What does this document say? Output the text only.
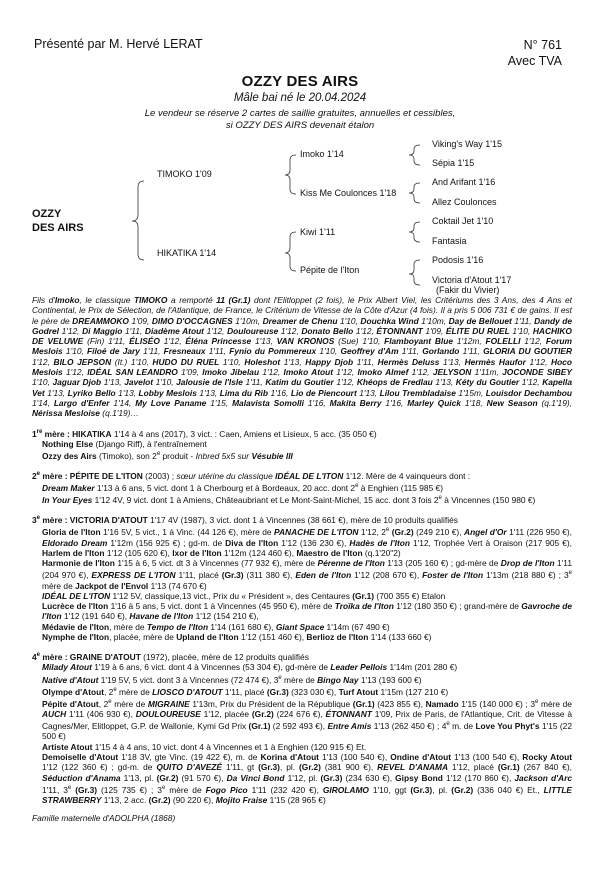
Présenté par M. Hervé LERAT	N° 761
Avec TVA
OZZY DES AIRS
Mâle bai né le 20.04.2024
Le vendeur se réserve 2 cartes de saillie gratuites, annuelles et cessibles,
si OZZY DES AIRS devenait étalon
OZZY
DES AIRS
TIMOKO 1'09
HIKATIKA 1'14
Imoko 1'14
Kiss Me Coulonces 1'18
Kiwi 1'11
Pépite de l'Iton
Viking's Way 1'15
Sépia 1'15
And Arifant 1'16
Allez Coulonces
Coktail Jet 1'10
Fantasia
Podosis 1'16
Victoria d'Atout 1'17
(Fakir du Vivier)

Fils d'Imoko, le classique TIMOKO a remporté 11 (Gr.1) dont l'Elitloppet (2 fois), le Prix Albert Viel, les Critériums des 3 Ans, des 4 Ans et Continental, le Prix de Sélection, de l'Atlantique, de France, le Critérium de Vitesse de la Côte d'Azur (4 fois). Il a pris 5 006 731 € de gains. Il est le père de DREAMMOKO 1'09, DIMO D'OCCAGNES 1'10m, Dreamer de Chenu 1'10, Douchka Wind 1'10m, Day de Bellouet 1'11, Dandy de Godrel 1'12, Di Maggio 1'11, Diadème Atout 1'12, Douloureuse 1'12, Donato Bello 1'12, ÉTONNANT 1'09, ÉLITE DU RUEL 1'10, HACHIKO DE VELUWE (Fin) 1'11, ÉLISÉO 1'12, Éléna Princesse 1'13, VAN KRONOS (Sue) 1'10, Flamboyant Blue 1'12m, FOLELLI 1'12, Forum Meslois 1'10, Filoé de Jary 1'11, Fresneaux 1'11, Fynio du Pommereux 1'10, Geoffrey d'Am 1'11, Gorlando 1'11, GLORIA DU GOUTIER 1'12, BILO JEPSON (It.) 1'10, HUDO DU RUEL 1'10, Holeshot 1'13, Happy Djob 1'11, Hermès Deluss 1'13, Hermès Haufor 1'12, Hoco Meslois 1'12, IDÉAL SAN LEANDRO 1'09, Imoko Jibelau 1'12, Imoko Atout 1'12, Imoko Almef 1'12, JELYSON 1'11m, JOCONDE SIBEY 1'10, Jaguar Djob 1'13, Javelot 1'10, Jalousie de l'Isle 1'11, Katim du Goutier 1'12, Khéops de Fredlau 1'13, Kéty du Goutier 1'12, Kapella Vet 1'13, Lyriko Bello 1'13, Lobby Meslois 1'13, Lima du Rib 1'16, Lio de Piencourt 1'13, Lilou Trembladaise 1'15m, Louisdor Dechambou 1'14, Largo d'Enfer 1'14, My Love Paname 1'15, Malavista Somolli 1'16, Makita Berry 1'16, Marley Quick 1'18, New Season (q.1'19), Nérissa Mesloise (q.1'19)…

1re mère : HIKATIKA 1'14 à 4 ans (2017), 3 vict. : Caen, Amiens et Lisieux, 5 acc. (35 050 €)
Nothing Else (Django Riff), à l'entraînement
Ozzy des Airs (Timoko), son 2e produit - Inbred 5x5 sur Vésubie III
2e mère : PÉPITE DE L'ITON (2003) ; sœur utérine du classique IDÉAL DE L'ITON 1'12. Mère de 4 vainqueurs dont :
Dream Maker 1'13 à 6 ans, 5 vict. dont 1 à Cherbourg et à Bordeaux, 20 acc. dont 2e à Enghien (115 985 €)
In Your Eyes 1'12 4V, 9 vict. dont 1 à Amiens, Châteaubriant et Le Mont-Saint-Michel, 15 acc. dont 3 fois 2e à Vincennes (150 980 €)
3e mère : VICTORIA D'ATOUT 1'17 4V (1987), 3 vict. dont 1 à Vincennes (38 661 €), mère de 10 produits qualifiés
Gloria de l'Iton 1'16 5V, 5 vict., 1 à Vinc. (44 126 €), mère de PANACHE DE L'ITON 1'12, 2e (Gr.2) (249 210 €), Angel d'Or 1'11 (226 950 €), Eldorado Dream 1'12m (156 925 €) ; gd-m. de Diva de l'Iton 1'12 (136 230 €), Hadès de l'Iton 1'12, Trophée Vert à Oraison (217 905 €), Harlem de l'Iton 1'12 (105 620 €), Ixor de l'Iton 1'12m (124 460 €), Maestro de l'Iton (q.1'20"2)
Harmonie de l'Iton 1'15 à 6, 5 vict. dt 3 à Vincennes (77 932 €), mère de Pérenne de l'Iton 1'13 (205 160 €) ; gd-mère de Drop de l'Iton 1'11 (204 970 €), EXPRESS DE L'ITON 1'11, placé (Gr.3) (311 380 €), Eden de l'Iton 1'12 (208 670 €), Foster de l'Iton 1'13m (218 880 €) ; 3e mère de Jackpot de l'Envol 1'13 (74 670 €)
IDÉAL DE L'ITON 1'12 5V, classique,13 vict., Prix du « Président », des Centaures (Gr.1) (700 355 €) Etalon
Lucrèce de l'Iton 1'16 à 5 ans, 5 vict. dont 1 à Vincennes (45 950 €), mère de Troïka de l'Iton 1'12 (180 350 €) ; grand-mère de Gavroche de l'Iton 1'12 (191 640 €), Havane de l'Iton 1'12 (154 210 €),
Médavie de l'Iton, mère de Tempo de l'Iton 1'14 (161 680 €), Giant Space 1'14m (67 490 €)
Nymphe de l'Iton, placée, mère de Upland de l'Iton 1'12 (151 460 €), Berlioz de l'Iton 1'14 (133 660 €)
4e mère : GRAINE D'ATOUT (1972), placée, mère de 12 produits qualifiés
Milady Atout 1'19 à 6 ans, 6 vict. dont 4 à Vincennes (53 304 €), gd-mère de Leader Pellois 1'14m (201 280 €)
Native d'Atout 1'19 5V, 5 vict. dont 3 à Vincennes (72 474 €), 3e mère de Bingo Nay 1'13 (193 600 €)
Olympe d'Atout, 2e mère de LIOSCO D'ATOUT 1'11, placé (Gr.3) (323 030 €), Turf Atout 1'15m (127 210 €)
Pépite d'Atout, 2e mère de MIGRAINE 1'13m, Prix du Président de la République (Gr.1) (423 855 €), Namado 1'15 (140 000 €) ; 3e mère de AUCH 1'11 (406 930 €), DOULOUREUSE 1'12, placée (Gr.2) (224 676 €), ÉTONNANT 1'09, Prix de Paris, de l'Atlantique, Crit. de Vitesse à Cagnes/Mer, Elitloppet, G.P. de Wallonie, Kymi Gd Prix (Gr.1) (2 592 493 €), Entre Amis 1'13 (262 450 €) ; 4e m. de Love You Phyt's 1'15 (22 500 €)
Artiste Atout 1'15 4 à 4 ans, 10 vict. dont 4 à Vincennes et 1 à Enghien (120 915 €) Et.
Demoiselle d'Atout 1'18 3V, gte Vinc. (19 422 €), m. de Korina d'Atout 1'13 (100 540 €), Ondine d'Atout 1'13 (100 540 €), Rocky Atout 1'12 (122 360 €) ; gd-m. de QUITO D'AVEZÉ 1'11, gt (Gr.3), pl. (Gr.2) (381 900 €), REVEL D'ANAMA 1'12, placé (Gr.1) (267 840 €), Séduction d'Anama 1'13, pl. (Gr.2) (91 570 €), Da Vinci Bond 1'12, pl. (Gr.3) (234 630 €), Gipsy Bond 1'12 (170 860 €), Jackson d'Arc 1'11, 3e (Gr.3) (125 735 €) ; 3e mère de Fogo Pico 1'11 (232 420 €), GIROLAMO 1'10, ggt (Gr.3), pl. (Gr.2) (336 040 €) Et., LITTLE STRAWBERRY 1'13, 2 acc. (Gr.2) (90 220 €), Mojito Fraise 1'15 (28 965 €)

Famille maternelle d'ADOLPHA (1868)
